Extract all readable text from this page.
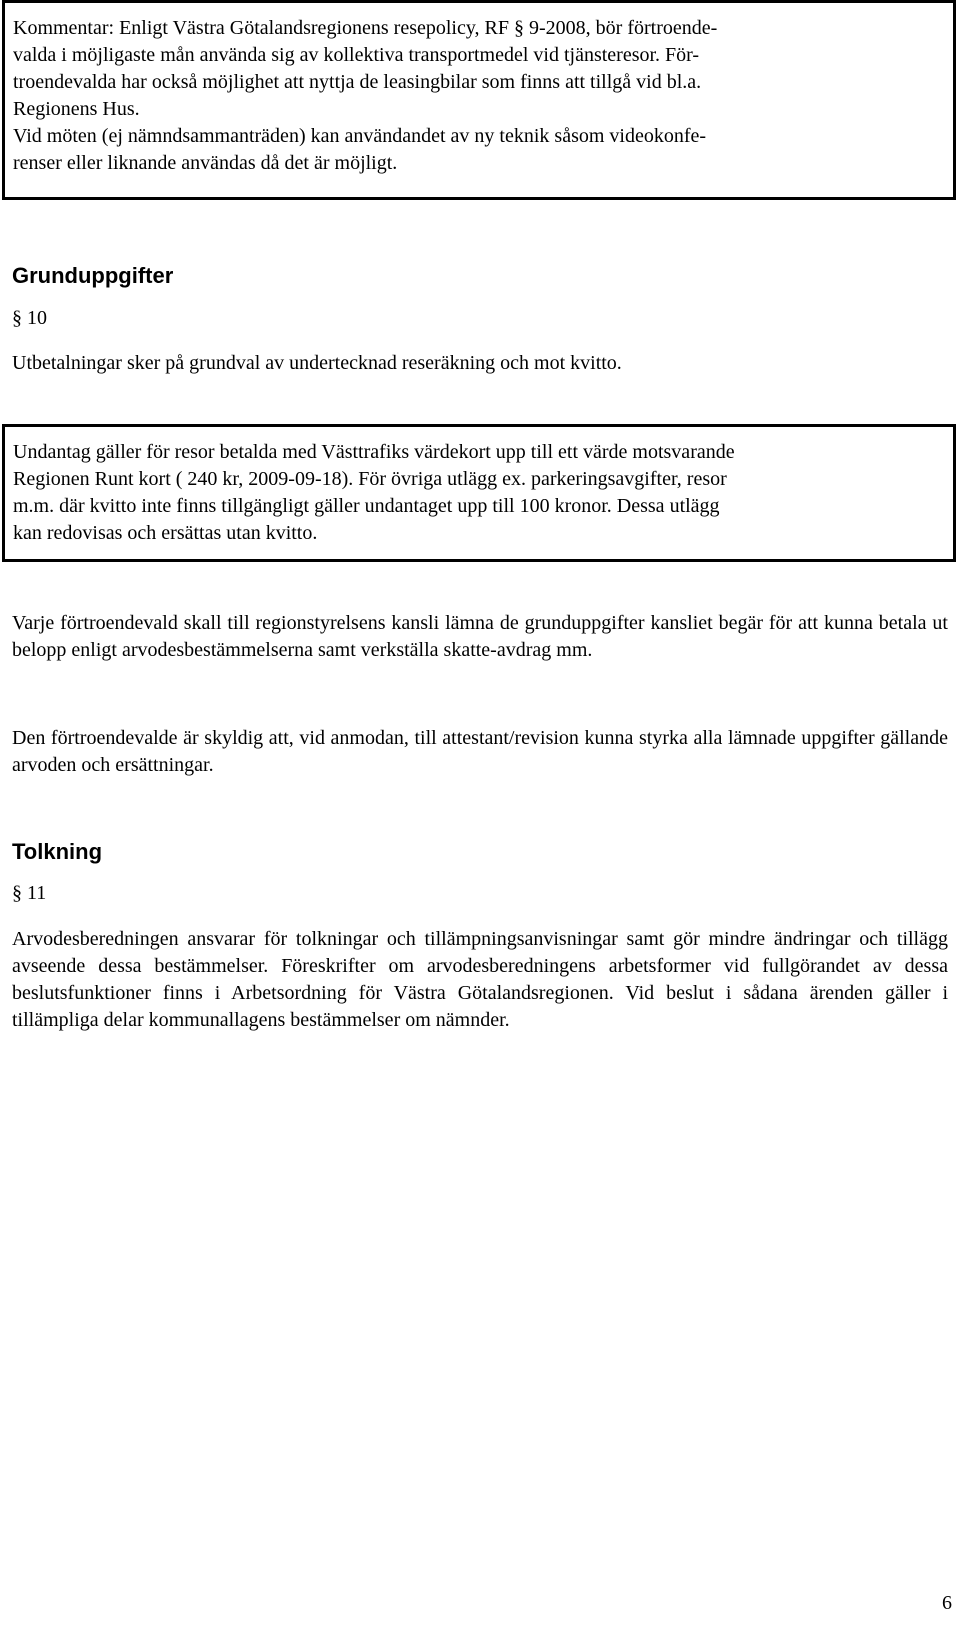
Kommentar: Enligt Västra Götalandsregionens resepolicy, RF § 9-2008, bör förtroende-

valda i möjligaste mån använda sig av kollektiva transportmedel vid tjänsteresor. För-

troendevalda har också möjlighet att nyttja de leasingbilar som finns att tillgå vid bl.a.

Regionens Hus.

Vid möten (ej nämndsammanträden) kan användandet av ny teknik såsom videokonfe-

renser eller liknande användas då det är möjligt.

Grunduppgifter

§ 10

Utbetalningar sker på grundval av undertecknad reseräkning och mot kvitto.

Undantag gäller för resor betalda med Västtrafiks värdekort upp till ett värde motsvarande

Regionen Runt kort ( 240 kr, 2009-09-18). För övriga utlägg ex. parkeringsavgifter, resor

m.m. där kvitto inte finns tillgängligt gäller undantaget upp till 100 kronor. Dessa utlägg

kan redovisas och ersättas utan kvitto.

Varje förtroendevald skall till regionstyrelsens kansli lämna de grunduppgifter kansliet begär för att kunna betala ut belopp enligt arvodesbestämmelserna samt verkställa skatte-avdrag mm.

Den förtroendevalde är skyldig att, vid anmodan, till attestant/revision kunna styrka alla lämnade uppgifter gällande arvoden och ersättningar.

Tolkning

§ 11

Arvodesberedningen ansvarar för tolkningar och tillämpningsanvisningar samt gör mindre ändringar och tillägg avseende dessa bestämmelser. Föreskrifter om arvodesberedningens arbetsformer vid fullgörandet av dessa beslutsfunktioner finns i Arbetsordning för Västra Götalandsregionen. Vid beslut i sådana ärenden gäller i tillämpliga delar kommunallagens bestämmelser om nämnder.

6
